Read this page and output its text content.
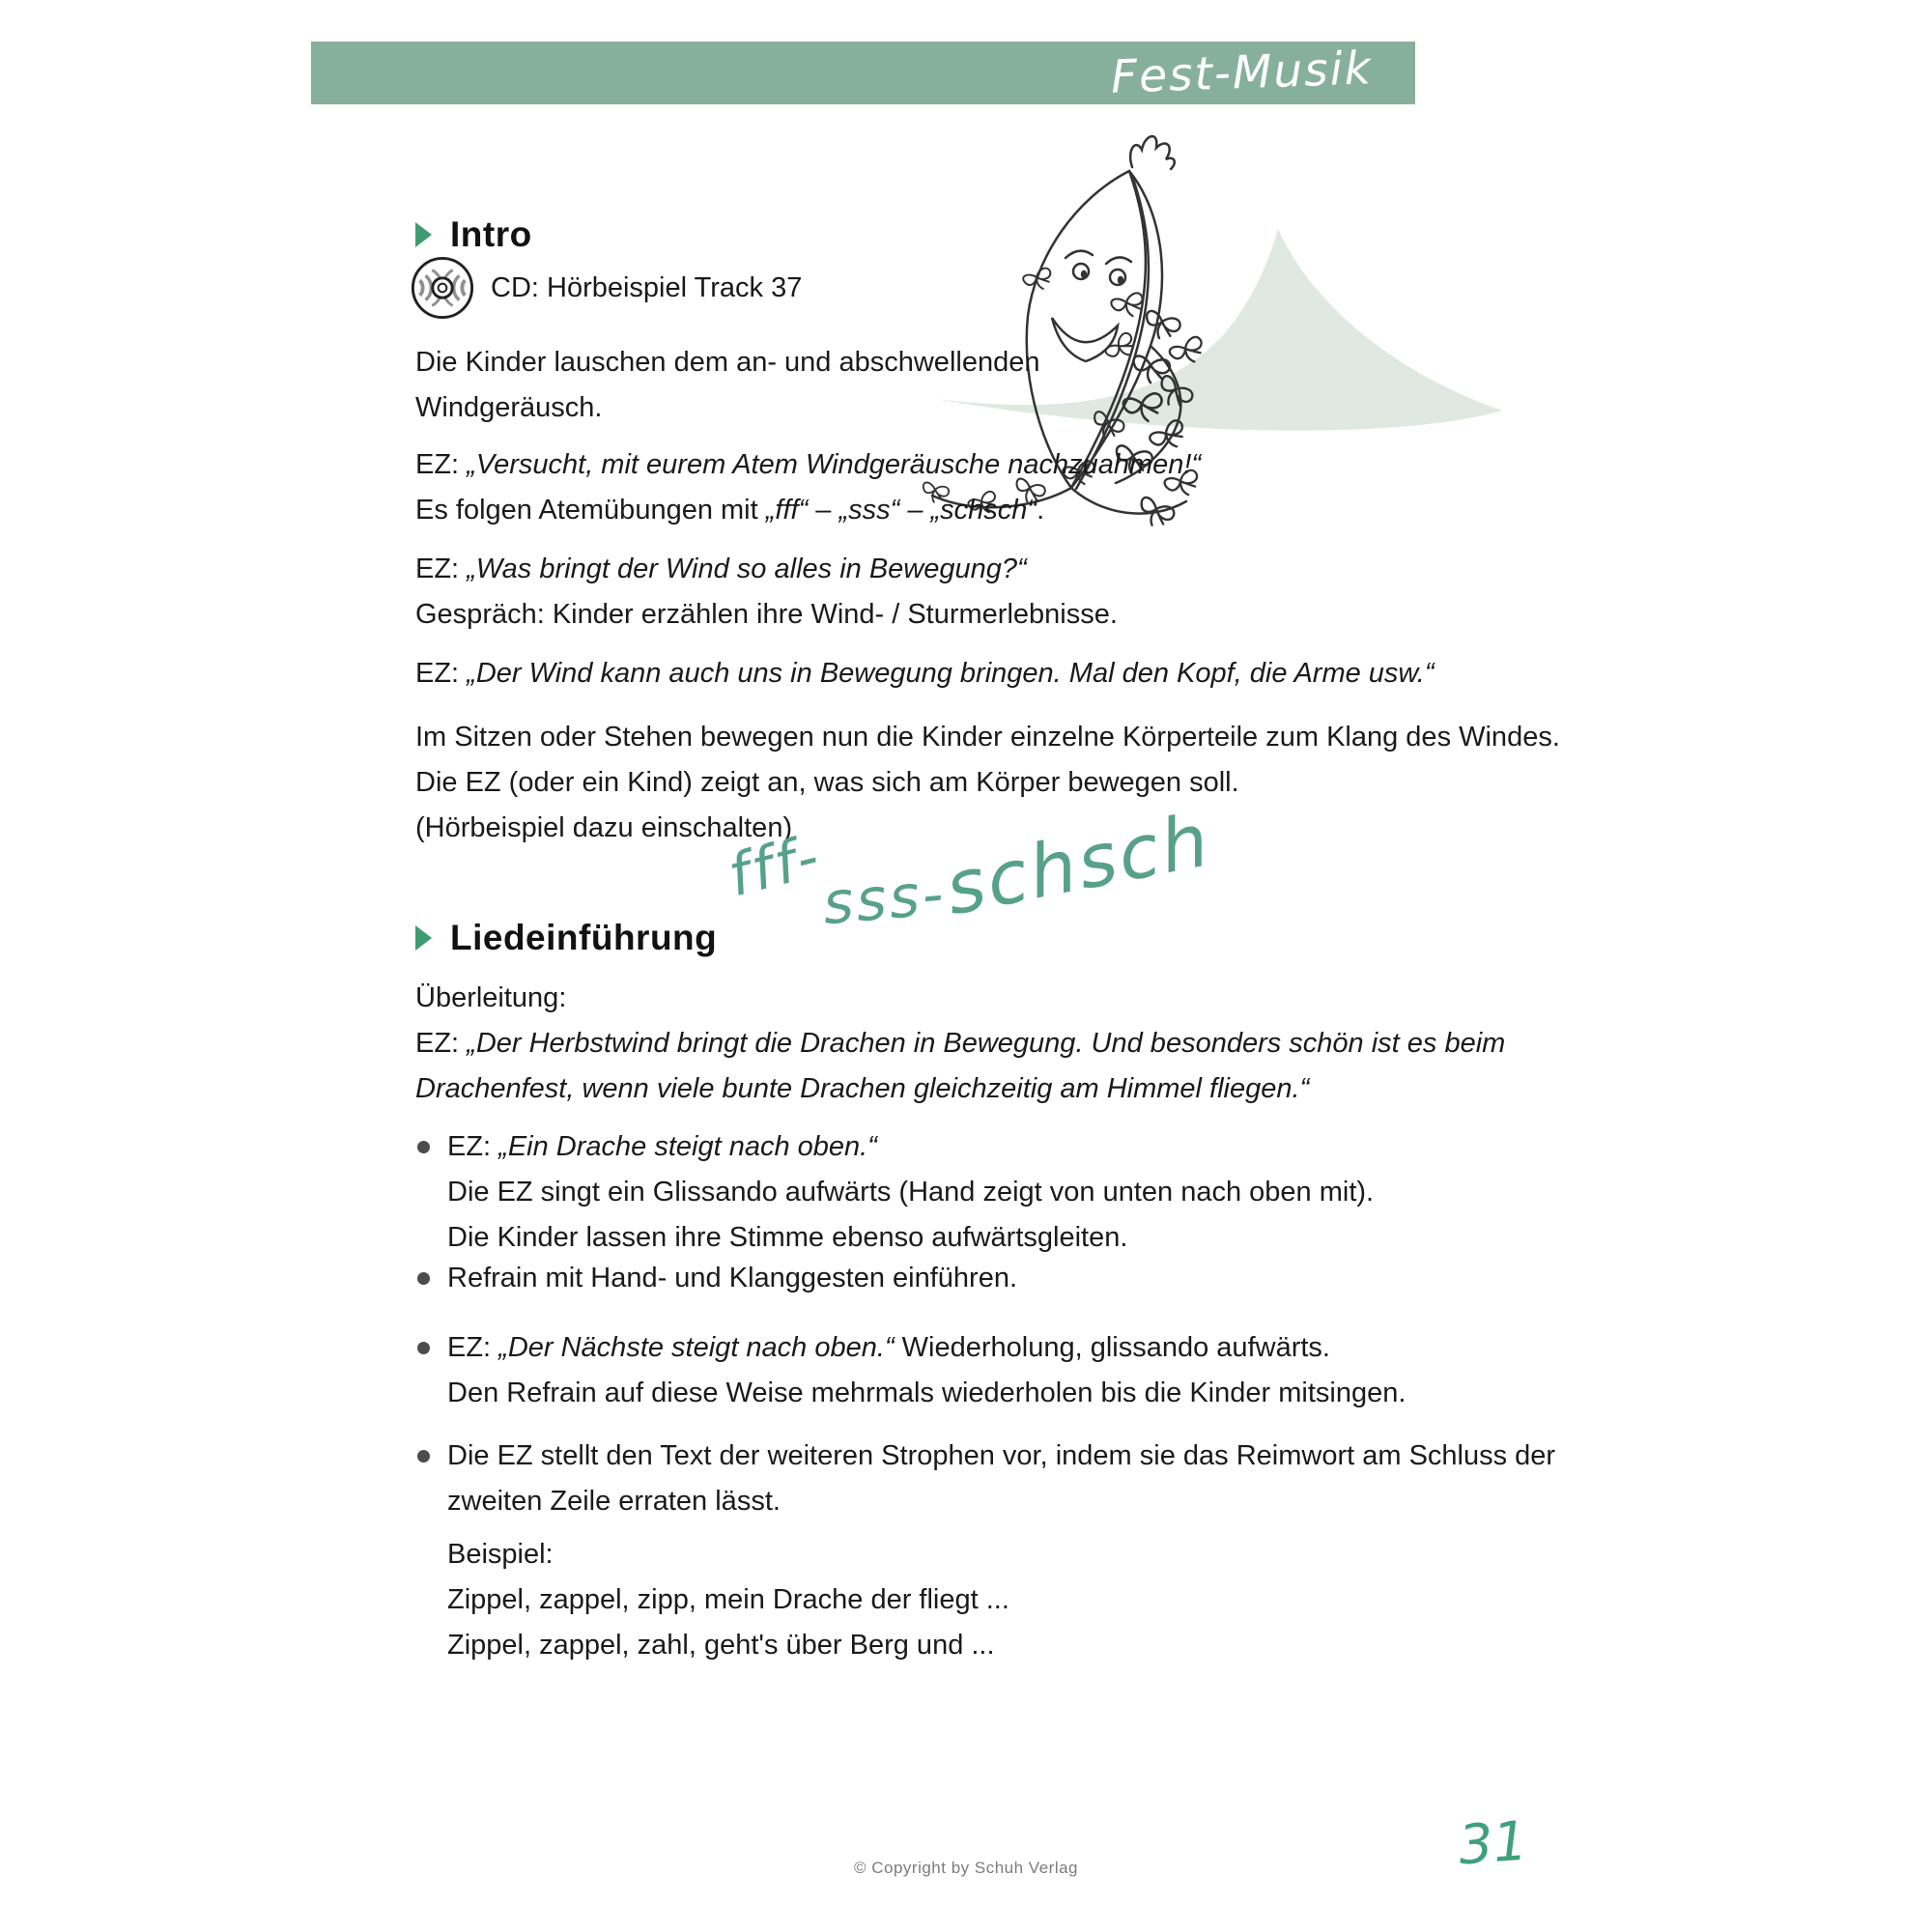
Fest-Musik
Intro
CD: Hörbeispiel Track 37
Die Kinder lauschen dem an- und abschwellenden
Windgeräusch.
EZ: „Versucht, mit eurem Atem Windgeräusche nachzuahmen!“
Es folgen Atemübungen mit „fff“ – „sss“ – „schsch“.
EZ: „Was bringt der Wind so alles in Bewegung?“
Gespräch: Kinder erzählen ihre Wind- / Sturmerlebnisse.
EZ: „Der Wind kann auch uns in Bewegung bringen. Mal den Kopf, die Arme usw.“
Im Sitzen oder Stehen bewegen nun die Kinder einzelne Körperteile zum Klang des Windes.
Die EZ (oder ein Kind) zeigt an, was sich am Körper bewegen soll.
(Hörbeispiel dazu einschalten)
fff-sss-schsch
Liedeinführung
Überleitung:
EZ: „Der Herbstwind bringt die Drachen in Bewegung. Und besonders schön ist es beim
Drachenfest, wenn viele bunte Drachen gleichzeitig am Himmel fliegen.“
EZ: „Ein Drache steigt nach oben.“
Die EZ singt ein Glissando aufwärts (Hand zeigt von unten nach oben mit).
Die Kinder lassen ihre Stimme ebenso aufwärtsgleiten.
Refrain mit Hand- und Klanggesten einführen.
EZ: „Der Nächste steigt nach oben.“ Wiederholung, glissando aufwärts.
Den Refrain auf diese Weise mehrmals wiederholen bis die Kinder mitsingen.
Die EZ stellt den Text der weiteren Strophen vor, indem sie das Reimwort am Schluss der
zweiten Zeile erraten lässt.
Beispiel:
Zippel, zappel, zipp, mein Drache der fliegt ...
Zippel, zappel, zahl, geht's über Berg und ...
© Copyright by Schuh Verlag	31
